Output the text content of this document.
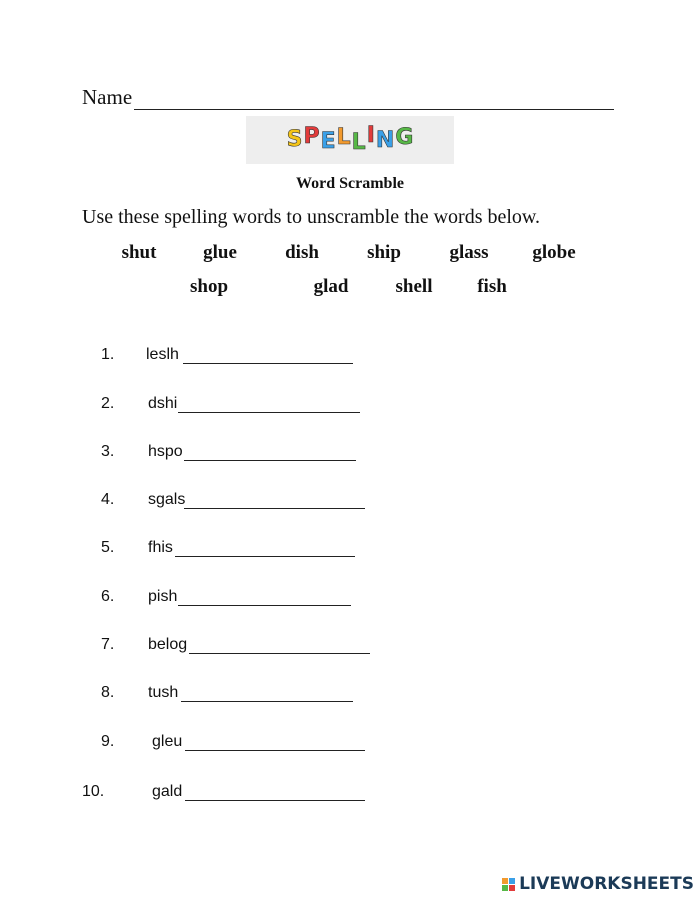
Name
S P E L L I N G
Word Scramble
Use these spelling words to unscramble the words below.
shut glue	dish	ship	glass globe
shop	glad shell fish
1. leslh
2. dshi
3. hspo
4. sgals
5. fhis
6. pish
7. belog
8. tush
9. gleu
10.	gald
LIVEWORKSHEETS
